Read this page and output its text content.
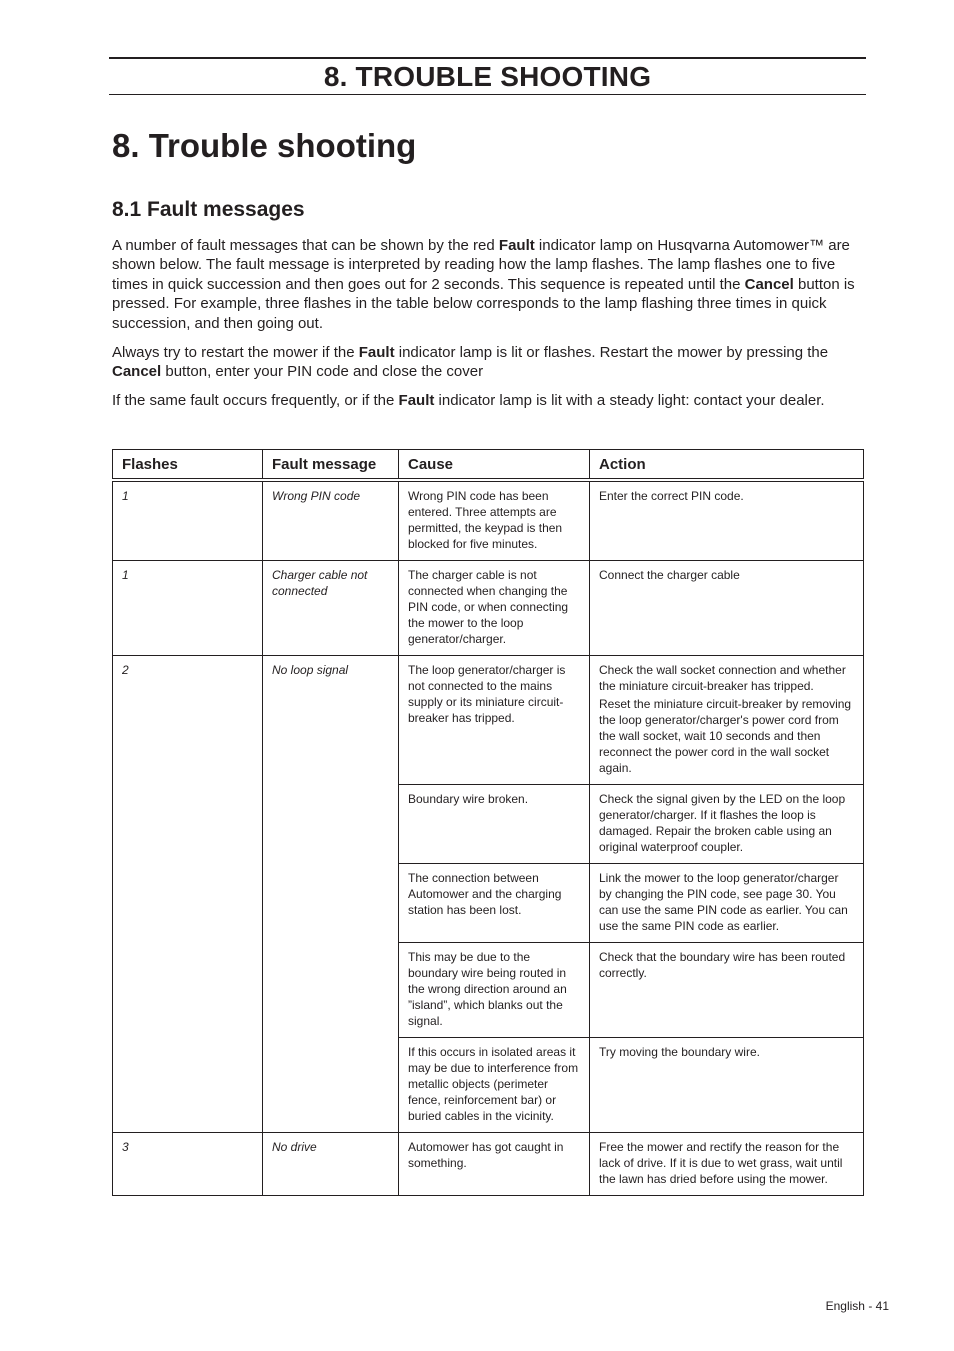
8. TROUBLE SHOOTING
8. Trouble shooting
8.1 Fault messages

A number of fault messages that can be shown by the red Fault indicator lamp on Husqvarna Automower™ are shown below. The fault message is interpreted by reading how the lamp flashes. The lamp flashes one to five times in quick succession and then goes out for 2 seconds. This sequence is repeated until the Cancel button is pressed. For example, three flashes in the table below corresponds to the lamp flashing three times in quick succession, and then going out.

Always try to restart the mower if the Fault indicator lamp is lit or flashes. Restart the mower by pressing the Cancel button, enter your PIN code and close the cover

If the same fault occurs frequently, or if the Fault indicator lamp is lit with a steady light: contact your dealer.

Flashes	Fault message	Cause	Action
1	Wrong PIN code	Wrong PIN code has been entered. Three attempts are permitted, the keypad is then blocked for five minutes.	Enter the correct PIN code.

1	Charger cable not connected	The charger cable is not connected when changing the PIN code, or when connecting the mower to the loop generator/charger.	Connect the charger cable

2	No loop signal	The loop generator/charger is not connected to the mains supply or its miniature circuit-breaker has tripped.	Check the wall socket connection and whether the miniature circuit-breaker has tripped.
Reset the miniature circuit-breaker by removing the loop generator/charger's power cord from the wall socket, wait 10 seconds and then reconnect the power cord in the wall socket again.

		Boundary wire broken.	Check the signal given by the LED on the loop generator/charger. If it flashes the loop is damaged. Repair the broken cable using an original waterproof coupler.

		The connection between Automower and the charging station has been lost.	Link the mower to the loop generator/charger by changing the PIN code, see page 30. You can use the same PIN code as earlier. You can use the same PIN code as earlier.

		This may be due to the boundary wire being routed in the wrong direction around an ”island”, which blanks out the signal.	Check that the boundary wire has been routed correctly.

		If this occurs in isolated areas it may be due to interference from metallic objects (perimeter fence, reinforcement bar) or buried cables in the vicinity.	Try moving the boundary wire.

3	No drive	Automower has got caught in something.	Free the mower and rectify the reason for the lack of drive. If it is due to wet grass, wait until the lawn has dried before using the mower.
English - 41
